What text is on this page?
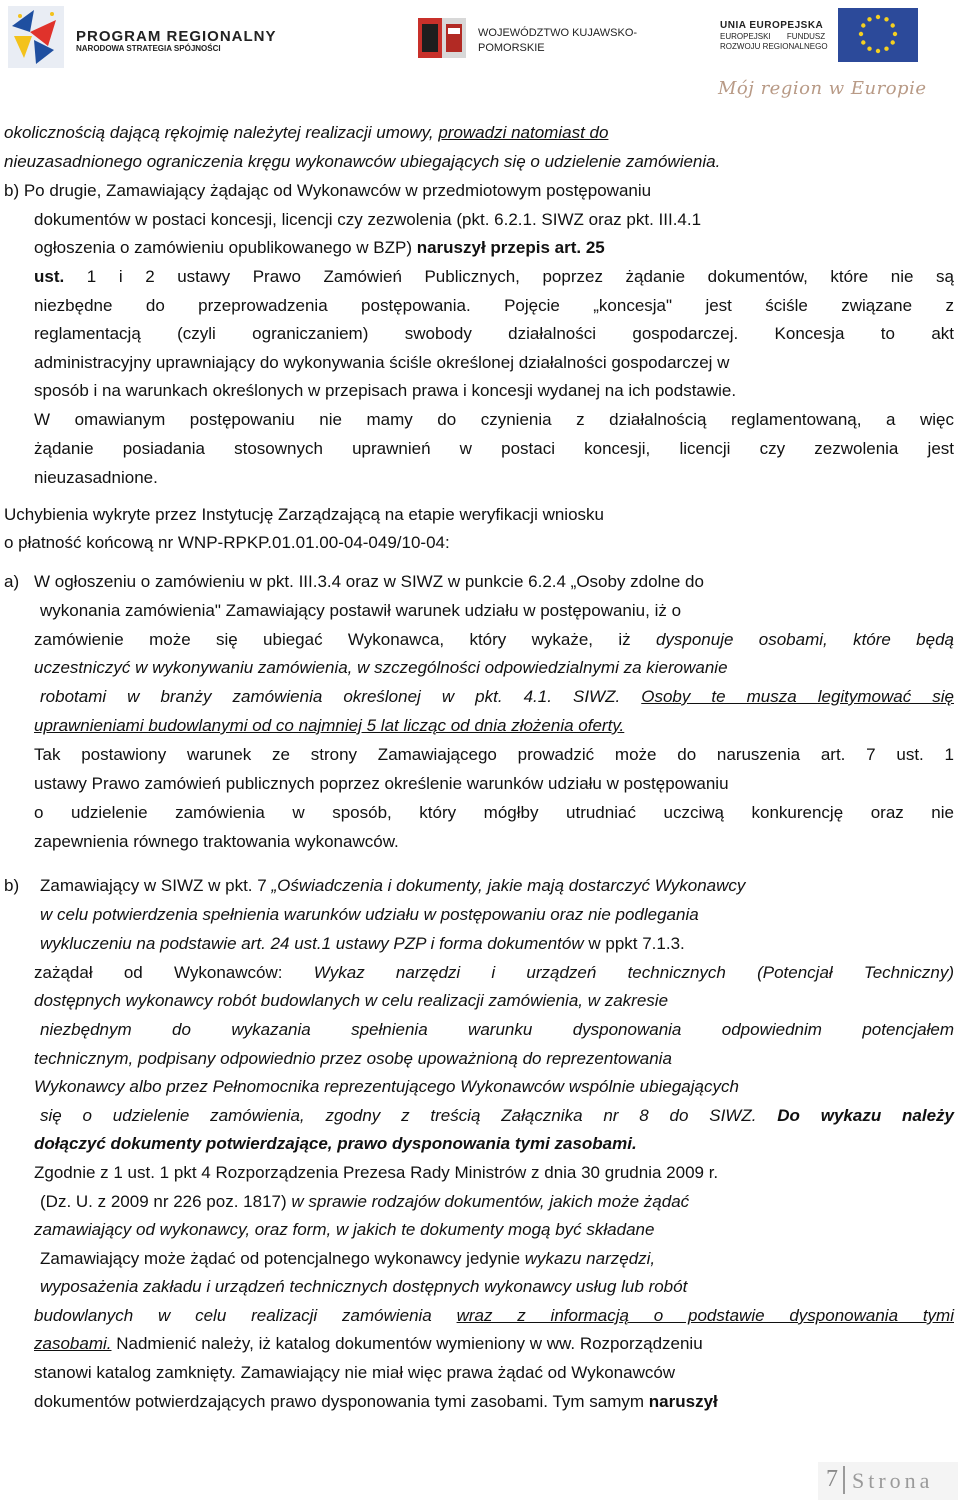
PROGRAM REGIONALNY
NARODOWA STRATEGIA SPÓJNOŚCI
WOJEWÓDZTWO KUJAWSKO-
POMORSKIE
UNIA EUROPEJSKA
EUROPEJSKI FUNDUSZ
ROZWOJU REGIONALNEGO
Mój region w Europie
okolicznością dającą rękojmię należytej realizacji umowy, prowadzi natomiast do
nieuzasadnionego ograniczenia kręgu wykonawców ubiegających się o udzielenie zamówienia.
b) Po drugie, Zamawiający żądając od Wykonawców w przedmiotowym postępowaniu
dokumentów w postaci koncesji, licencji czy zezwolenia (pkt. 6.2.1. SIWZ oraz pkt. III.4.1
ogłoszenia o zamówieniu opublikowanego w BZP) naruszył przepis art. 25
ust. 1 i 2 ustawy Prawo Zamówień Publicznych, poprzez żądanie dokumentów, które nie są
niezbędne do przeprowadzenia postępowania. Pojęcie „koncesja" jest ściśle związane z
reglamentacją (czyli ograniczaniem) swobody działalności gospodarczej. Koncesja to akt
administracyjny uprawniający do wykonywania ściśle określonej działalności gospodarczej w
sposób i na warunkach określonych w przepisach prawa i koncesji wydanej na ich podstawie.
W omawianym postępowaniu nie mamy do czynienia z działalnością reglamentowaną, a więc
żądanie posiadania stosownych uprawnień w postaci koncesji, licencji czy zezwolenia jest
nieuzasadnione.
Uchybienia wykryte przez Instytucję Zarządzającą na etapie weryfikacji wniosku
o płatność końcową nr WNP-RPKP.01.01.00-04-049/10-04:
a) W ogłoszeniu o zamówieniu w pkt. III.3.4 oraz w SIWZ w punkcie 6.2.4 „Osoby zdolne do
wykonania zamówienia" Zamawiający postawił warunek udziału w postępowaniu, iż o
zamówienie może się ubiegać Wykonawca, który wykaże, iż dysponuje osobami, które będą
uczestniczyć w wykonywaniu zamówienia, w szczególności odpowiedzialnymi za kierowanie
robotami w branży zamówienia określonej w pkt. 4.1. SIWZ. Osoby te musza legitymować się
uprawnieniami budowlanymi od co najmniej 5 lat licząc od dnia złożenia oferty.
Tak postawiony warunek ze strony Zamawiającego prowadzić może do naruszenia art. 7 ust. 1
ustawy Prawo zamówień publicznych poprzez określenie warunków udziału w postępowaniu
o udzielenie zamówienia w sposób, który mógłby utrudniać uczciwą konkurencję oraz nie
zapewnienia równego traktowania wykonawców.
b) Zamawiający w SIWZ w pkt. 7 „Oświadczenia i dokumenty, jakie mają dostarczyć Wykonawcy
w celu potwierdzenia spełnienia warunków udziału w postępowaniu oraz nie podlegania
wykluczeniu na podstawie art. 24 ust.1 ustawy PZP i forma dokumentów w ppkt 7.1.3.
zażądał od Wykonawców: Wykaz narzędzi i urządzeń technicznych (Potencjał Techniczny)
dostępnych wykonawcy robót budowlanych w celu realizacji zamówienia, w zakresie
niezbędnym do wykazania spełnienia warunku dysponowania odpowiednim potencjałem
technicznym, podpisany odpowiednio przez osobę upoważnioną do reprezentowania
Wykonawcy albo przez Pełnomocnika reprezentującego Wykonawców wspólnie ubiegających
się o udzielenie zamówienia, zgodny z treścią Załącznika nr 8 do SIWZ. Do wykazu należy
dołączyć dokumenty potwierdzające, prawo dysponowania tymi zasobami.
Zgodnie z 1 ust. 1 pkt 4 Rozporządzenia Prezesa Rady Ministrów z dnia 30 grudnia 2009 r.
(Dz. U. z 2009 nr 226 poz. 1817) w sprawie rodzajów dokumentów, jakich może żądać
zamawiający od wykonawcy, oraz form, w jakich te dokumenty mogą być składane
Zamawiający może żądać od potencjalnego wykonawcy jedynie wykazu narzędzi,
wyposażenia zakładu i urządzeń technicznych dostępnych wykonawcy usług lub robót
budowlanych w celu realizacji zamówienia wraz z informacją o podstawie dysponowania tymi
zasobami. Nadmienić należy, iż katalog dokumentów wymieniony w ww. Rozporządzeniu
stanowi katalog zamknięty. Zamawiający nie miał więc prawa żądać od Wykonawców
dokumentów potwierdzających prawo dysponowania tymi zasobami. Tym samym naruszył
7 Strona
